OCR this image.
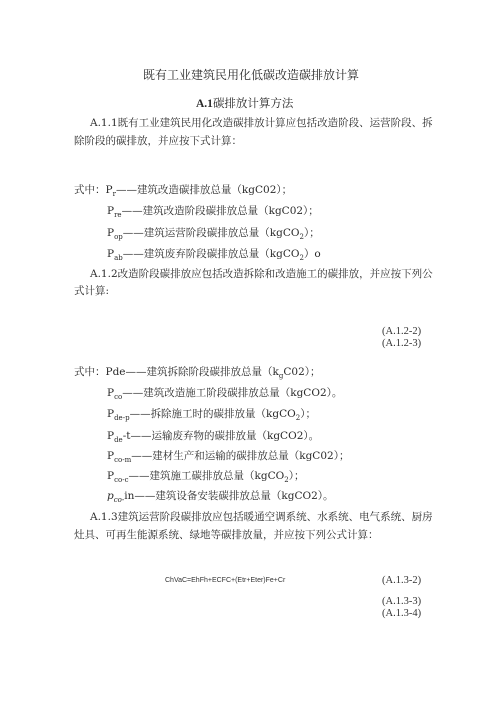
既有工业建筑民用化低碳改造碳排放计算
A.1碳排放计算方法
A.1.1既有工业建筑民用化改造碳排放计算应包括改造阶段、运营阶段、拆
除阶段的碳排放，并应按下式计算：
式中：$P_r——$建筑改造碳排放总量（kgC02）；
$P_{re}——$建筑改造阶段碳排放总量（kgC02）；
$P_{op}——$建筑运营阶段碳排放总量（kgCO$_2$）；
$P_{ab}——$建筑废弃阶段碳排放总量（kgCO$_2$）o
A.1.2改造阶段碳排放应包括改造拆除和改造施工的碳排放，并应按下列公
式计算:
(A.1.2-2)(A.1.2-3)
式中：Pde——建筑拆除阶段碳排放总量$(k_gC02)$；
$P_{co}——$建筑改造施工阶段碳排放总量（kgCO2）。
$P_{de-p}——$拆除施工时的碳排放量（kgCO$_2$）；
$P_{de}-t——$运输废弃物的碳排放量（kgCO2）。
$P_{co-m}——$建材生产和运输的碳排放总量（kgC02）；
$P_{co-c}——$建筑施工碳排放总量（kgCO$_2$）；
$p_{co-}in——$建筑设备安装碳排放总量（kgCO2）。
A.1.3建筑运营阶段碳排放应包括暖通空调系统、水系统、电气系统、厨房
灶具、可再生能源系统、绿地等碳排放量，并应按下列公式计算：
ChVaC=EhFh+ECFC+(Etr+Eter)Fe+Cr	(A.1.3-2)
(A.1.3-3)(A.1.3-4)
